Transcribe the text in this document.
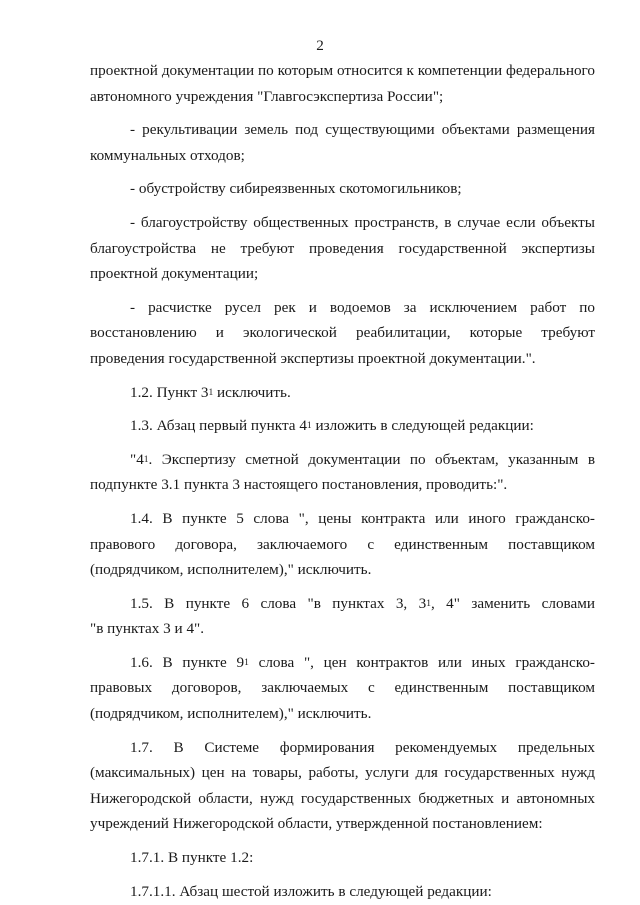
2
проектной документации по которым относится к компетенции федерального
автономного учреждения "Главгосэкспертиза России";
- рекультивации земель под существующими объектами размещения
коммунальных отходов;
- обустройству сибиреязвенных скотомогильников;
- благоустройству общественных пространств, в случае если объекты
благоустройства не требуют проведения государственной экспертизы
проектной документации;
- расчистке русел рек и водоемов за исключением работ по
восстановлению и экологической реабилитации, которые требуют
проведения государственной экспертизы проектной документации.".
1.2. Пункт $3^1$ исключить.
1.3. Абзац первый пункта $4^1$ изложить в следующей редакции:
"$4^1$. Экспертизу сметной документации по объектам, указанным в
подпункте 3.1 пункта 3 настоящего постановления, проводить:".
1.4. В пункте 5 слова ", цены контракта или иного гражданско-
правового договора, заключаемого с единственным поставщиком
(подрядчиком, исполнителем)," исключить.
1.5. В пункте 6 слова "в пунктах 3, $3^1$, 4" заменить словами
"в пунктах 3 и 4".
1.6. В пункте $9^1$ слова ", цен контрактов или иных гражданско-
правовых договоров, заключаемых с единственным поставщиком
(подрядчиком, исполнителем)," исключить.
1.7. В Системе формирования рекомендуемых предельных
(максимальных) цен на товары, работы, услуги для государственных нужд
Нижегородской области, нужд государственных бюджетных и автономных
учреждений Нижегородской области, утвержденной постановлением:
1.7.1. В пункте 1.2:
1.7.1.1. Абзац шестой изложить в следующей редакции:
